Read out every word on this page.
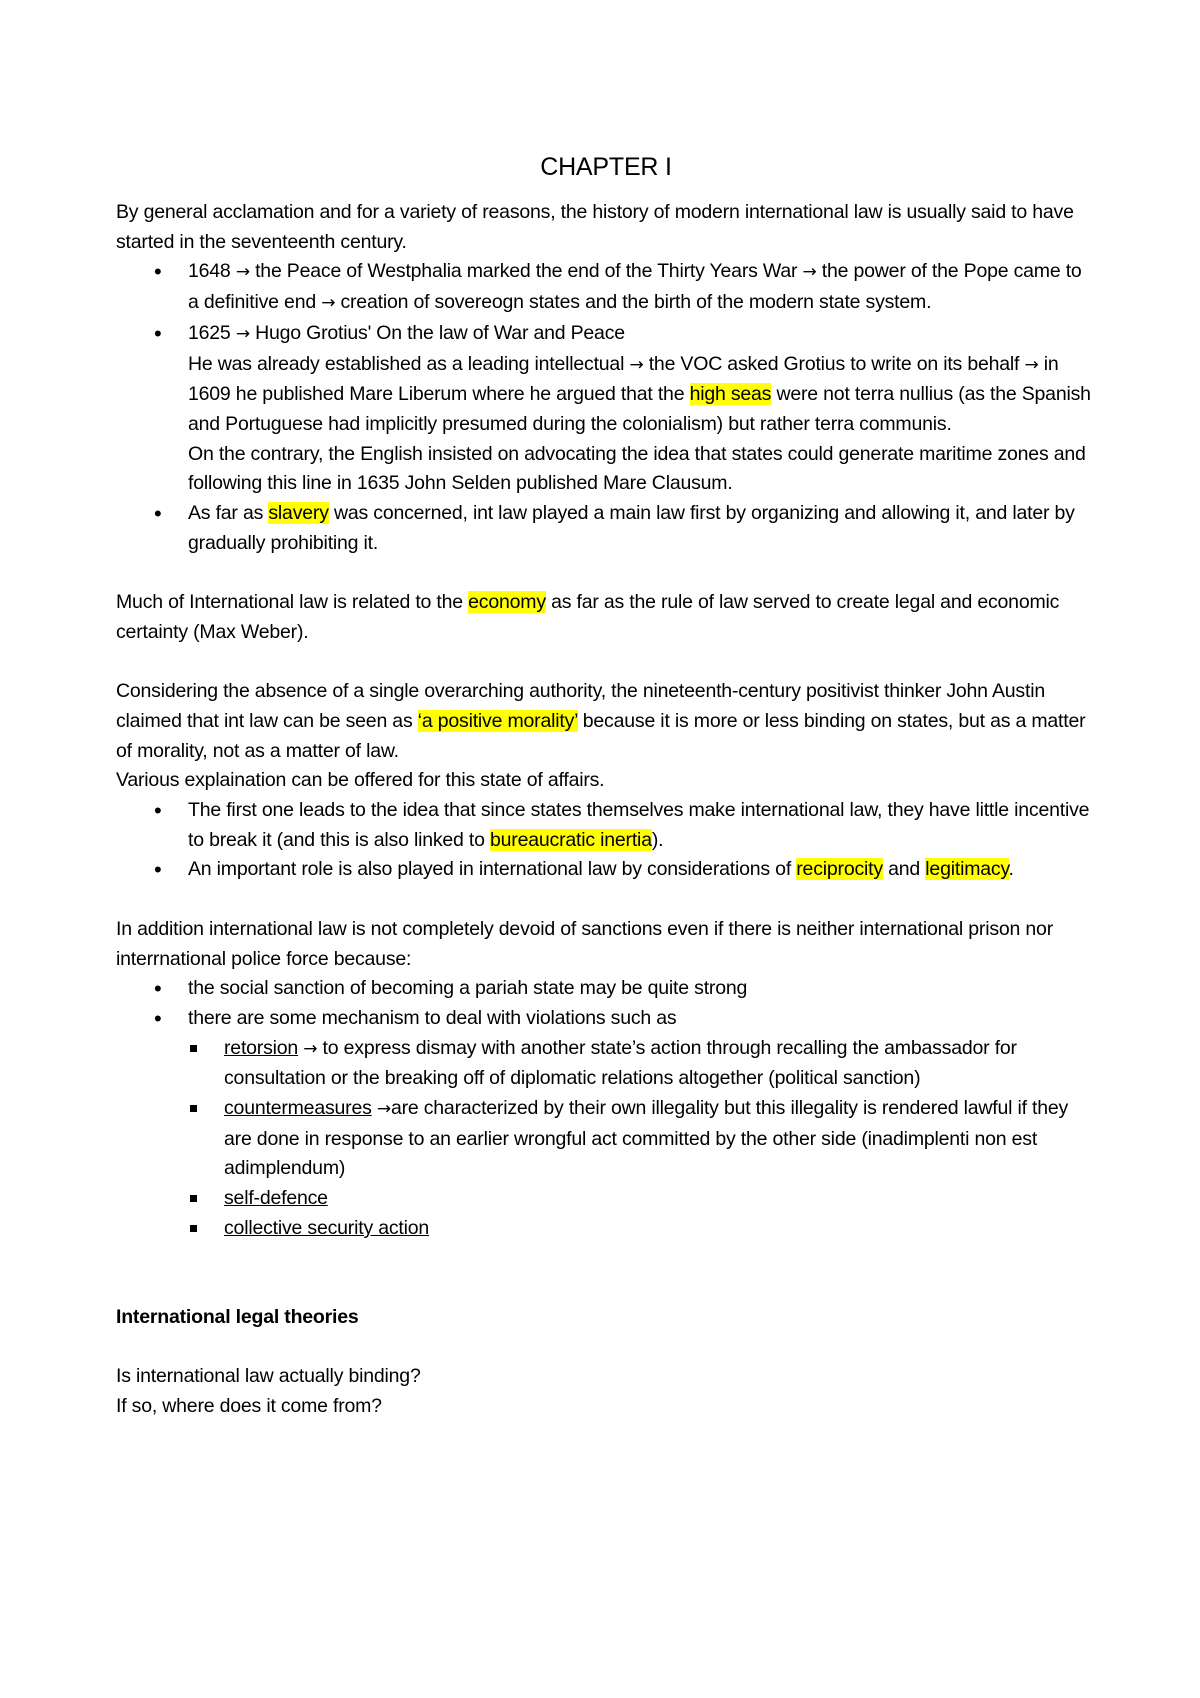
CHAPTER I

By general acclamation and for a variety of reasons, the history of modern international law is usually said to have started in the seventeenth century.

• 1648 → the Peace of Westphalia marked the end of the Thirty Years War → the power of the Pope came to a definitive end → creation of sovereogn states and the birth of the modern state system.
• 1625 → Hugo Grotius' On the law of War and Peace
He was already established as a leading intellectual → the VOC asked Grotius to write on its behalf → in 1609 he published Mare Liberum where he argued that the high seas were not terra nullius (as the Spanish and Portuguese had implicitly presumed during the colonialism) but rather terra communis.
On the contrary, the English insisted on advocating the idea that states could generate maritime zones and following this line in 1635 John Selden published Mare Clausum.
• As far as slavery was concerned, int law played a main law first by organizing and allowing it, and later by gradually prohibiting it.

Much of International law is related to the economy as far as the rule of law served to create legal and economic certainty (Max Weber).

Considering the absence of a single overarching authority, the nineteenth-century positivist thinker John Austin claimed that int law can be seen as ‘a positive morality’ because it is more or less binding on states, but as a matter of morality, not as a matter of law.

Various explaination can be offered for this state of affairs.

• The first one leads to the idea that since states themselves make international law, they have little incentive to break it (and this is also linked to bureaucratic inertia).
• An important role is also played in international law by considerations of reciprocity and legitimacy.

In addition international law is not completely devoid of sanctions even if there is neither international prison nor interrnational police force because:

• the social sanction of becoming a pariah state may be quite strong
• there are some mechanism to deal with violations such as
retorsion → to express dismay with another state’s action through recalling the ambassador for consultation or the breaking off of diplomatic relations altogether (political sanction)
countermeasures →are characterized by their own illegality but this illegality is rendered lawful if they are done in response to an earlier wrongful act committed by the other side (inadimplenti non est adimplendum)
self-defence
collective security action

International legal theories

Is international law actually binding?

If so, where does it come from?
